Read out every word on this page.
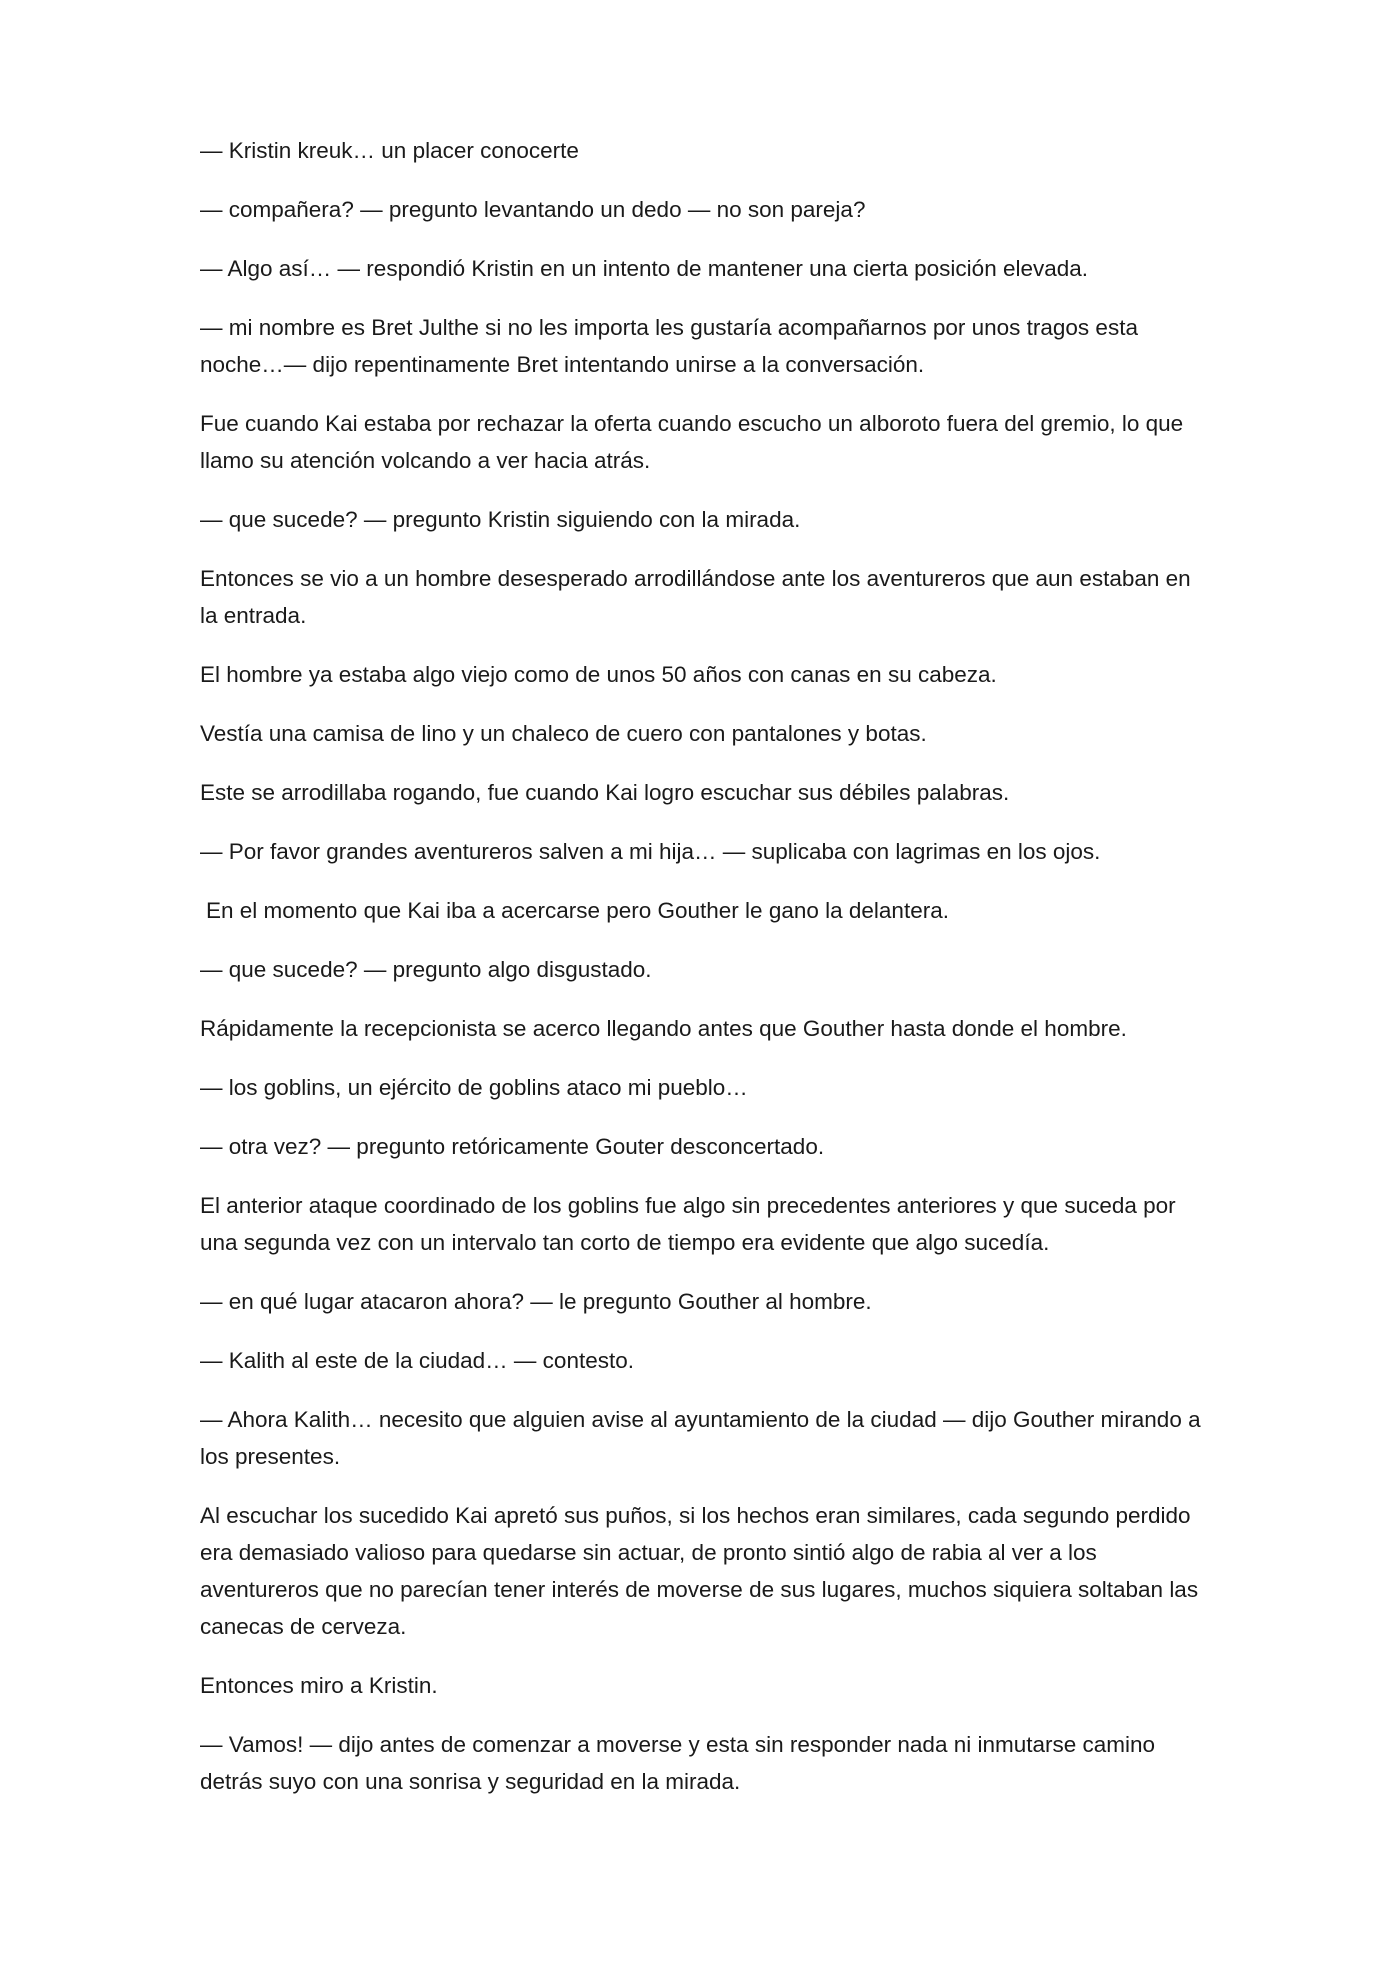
— Kristin kreuk… un placer conocerte

— compañera? — pregunto levantando un dedo — no son pareja?

— Algo así… — respondió Kristin en un intento de mantener una cierta posición elevada.

— mi nombre es Bret Julthe si no les importa les gustaría acompañarnos por unos tragos esta noche…— dijo repentinamente Bret intentando unirse a la conversación.

Fue cuando Kai estaba por rechazar la oferta cuando escucho un alboroto fuera del gremio, lo que llamo su atención volcando a ver hacia atrás.

— que sucede? — pregunto Kristin siguiendo con la mirada.

Entonces se vio a un hombre desesperado arrodillándose ante los aventureros que aun estaban en la entrada.

El hombre ya estaba algo viejo como de unos 50 años con canas en su cabeza.

Vestía una camisa de lino y un chaleco de cuero con pantalones y botas.

Este se arrodillaba rogando, fue cuando Kai logro escuchar sus débiles palabras.

— Por favor grandes aventureros salven a mi hija… — suplicaba con lagrimas en los ojos.

En el momento que Kai iba a acercarse pero Gouther le gano la delantera.

— que sucede? — pregunto algo disgustado.

Rápidamente la recepcionista se acerco llegando antes que Gouther hasta donde el hombre.

— los goblins, un ejército de goblins ataco mi pueblo…

— otra vez? — pregunto retóricamente Gouter desconcertado.

El anterior ataque coordinado de los goblins fue algo sin precedentes anteriores y que suceda por una segunda vez con un intervalo tan corto de tiempo era evidente que algo sucedía.

— en qué lugar atacaron ahora? — le pregunto Gouther al hombre.

— Kalith al este de la ciudad… — contesto.

— Ahora Kalith… necesito que alguien avise al ayuntamiento de la ciudad — dijo Gouther mirando a los presentes.

Al escuchar los sucedido Kai apretó sus puños, si los hechos eran similares, cada segundo perdido era demasiado valioso para quedarse sin actuar, de pronto sintió algo de rabia al ver a los aventureros que no parecían tener interés de moverse de sus lugares, muchos siquiera soltaban las canecas de cerveza.

Entonces miro a Kristin.

— Vamos! — dijo antes de comenzar a moverse y esta sin responder nada ni inmutarse camino detrás suyo con una sonrisa y seguridad en la mirada.
